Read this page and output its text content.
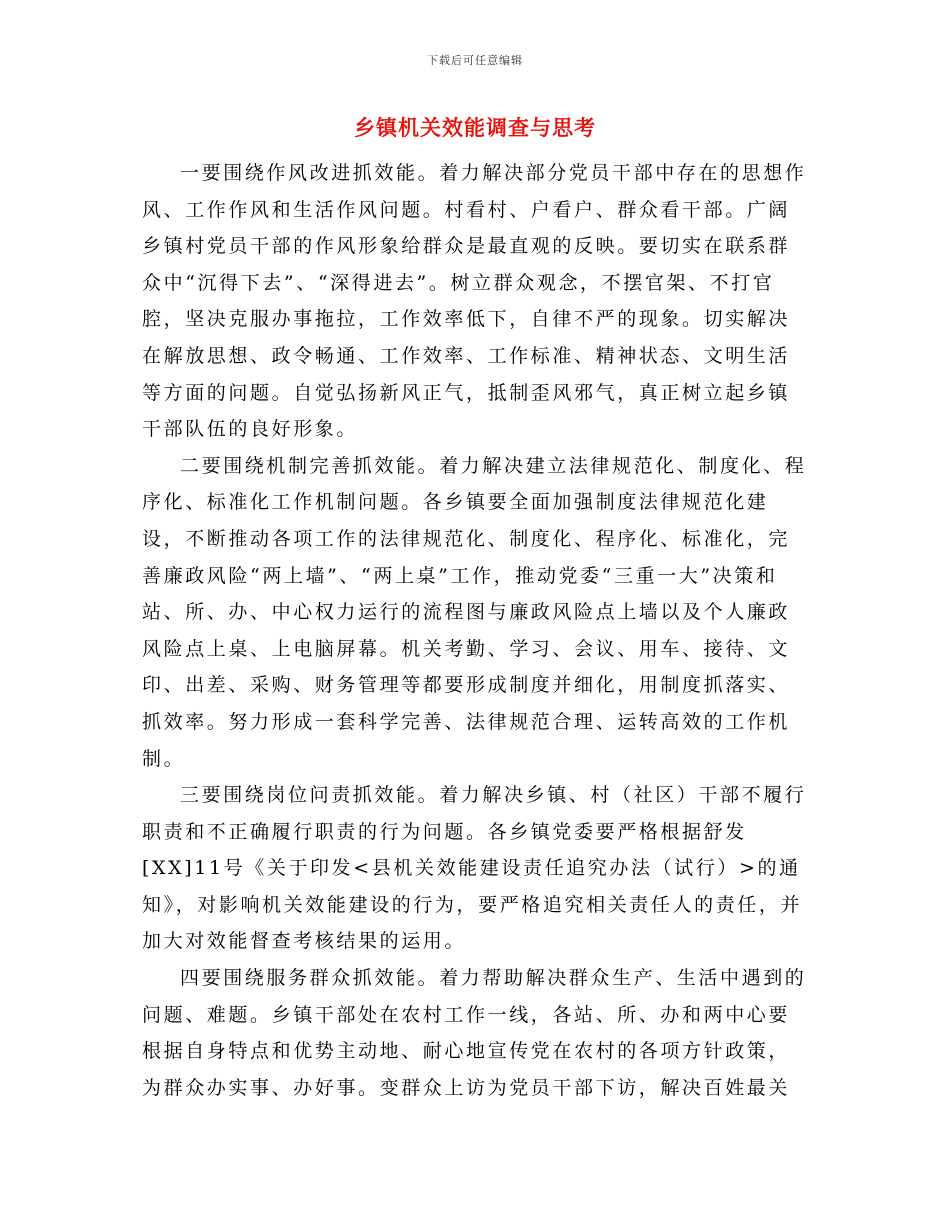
下载后可任意编辑
乡镇机关效能调查与思考

一要围绕作风改进抓效能。着力解决部分党员干部中存在的思想作风、工作作风和生活作风问题。村看村、户看户、群众看干部。广阔乡镇村党员干部的作风形象给群众是最直观的反映。要切实在联系群众中“沉得下去”、“深得进去”。树立群众观念，不摆官架、不打官腔，坚决克服办事拖拉，工作效率低下，自律不严的现象。切实解决在解放思想、政令畅通、工作效率、工作标准、精神状态、文明生活等方面的问题。自觉弘扬新风正气，抵制歪风邪气，真正树立起乡镇干部队伍的良好形象。

二要围绕机制完善抓效能。着力解决建立法律规范化、制度化、程序化、标准化工作机制问题。各乡镇要全面加强制度法律规范化建设，不断推动各项工作的法律规范化、制度化、程序化、标准化，完善廉政风险“两上墙”、“两上桌”工作，推动党委“三重一大”决策和站、所、办、中心权力运行的流程图与廉政风险点上墙以及个人廉政风险点上桌、上电脑屏幕。机关考勤、学习、会议、用车、接待、文印、出差、采购、财务管理等都要形成制度并细化，用制度抓落实、抓效率。努力形成一套科学完善、法律规范合理、运转高效的工作机制。

三要围绕岗位问责抓效能。着力解决乡镇、村（社区）干部不履行职责和不正确履行职责的行为问题。各乡镇党委要严格根据舒发[XX]11号《关于印发<县机关效能建设责任追究办法（试行）>的通知》，对影响机关效能建设的行为，要严格追究相关责任人的责任，并加大对效能督查考核结果的运用。

四要围绕服务群众抓效能。着力帮助解决群众生产、生活中遇到的问题、难题。乡镇干部处在农村工作一线，各站、所、办和两中心要根据自身特点和优势主动地、耐心地宣传党在农村的各项方针政策，为群众办实事、办好事。变群众上访为党员干部下访，解决百姓最关
